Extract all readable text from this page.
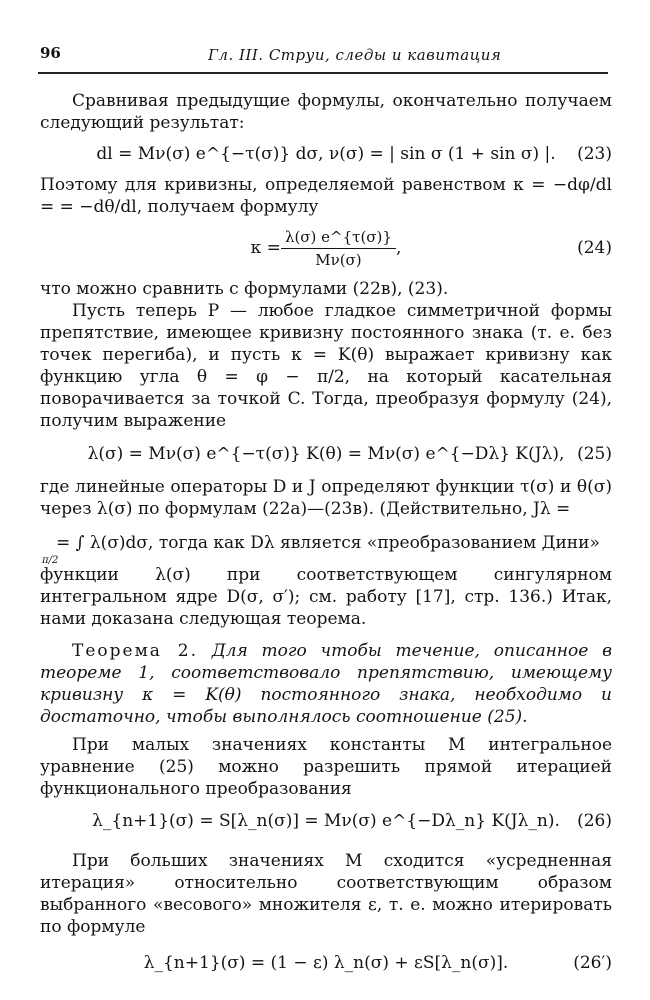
96	Гл. III. Струи, следы и кавитация

Сравнивая предыдущие формулы, окончательно получаем следующий результат:

dl = Mν(σ) e^{−τ(σ)} dσ, ν(σ) = | sin σ (1 + sin σ) |. (23)

Поэтому для кривизны, определяемой равенством κ = −dφ/dl = = −dθ/dl, получаем формулу

$\kappa = \frac{\lambda(\sigma) e\^{}\{\tau(\sigma)\}}{M\nu(\sigma)}$ ,	(24)

что можно сравнить с формулами (22в), (23).

Пусть теперь P — любое гладкое симметричной формы препятствие, имеющее кривизну постоянного знака (т. е. без точек перегиба), и пусть κ = K(θ) выражает кривизну как функцию угла θ = φ − π/2, на который касательная поворачивается за точкой C. Тогда, преобразуя формулу (24), получим выражение

λ(σ) = Mν(σ) e^{−τ(σ)} K(θ) = Mν(σ) e^{−Dλ} K(Jλ), (25)

где линейные операторы D и J определяют функции τ(σ) и θ(σ) через λ(σ) по формулам (22а)—(23в). (Действительно, Jλ =

π/2
= ∫ λ(σ)dσ, тогда как Dλ является «преобразованием Дини»

функции λ(σ) при соответствующем сингулярном интегральном ядре D(σ, σ′); см. работу [17], стр. 136.) Итак, нами доказана следующая теорема.

Теорема 2. Для того чтобы течение, описанное в теореме 1, соответствовало препятствию, имеющему кривизну κ = K(θ) постоянного знака, необходимо и достаточно, чтобы выполнялось соотношение (25).

При малых значениях константы M интегральное уравнение (25) можно разрешить прямой итерацией функционального преобразования

λ_{n+1}(σ) = S[λ_n(σ)] = Mν(σ) e^{−Dλ_n} K(Jλ_n). (26)

При больших значениях M сходится «усредненная итерация» относительно соответствующим образом выбранного «весового» множителя ε, т. е. можно итерировать по формуле

λ_{n+1}(σ) = (1 − ε) λ_n(σ) + εS[λ_n(σ)].	(26′)
